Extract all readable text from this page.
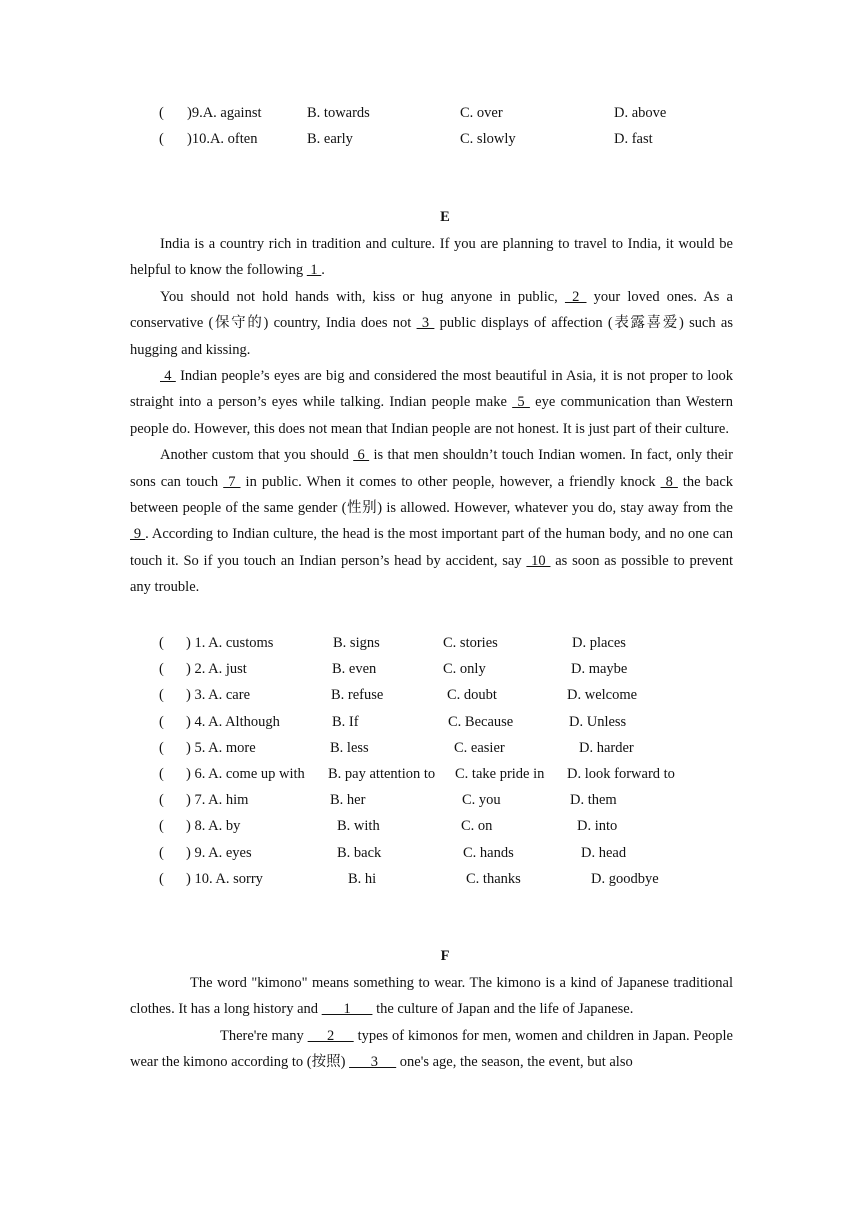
( )9.A. against	B. towards	C. over	D. above
( )10.A. often	B. early	C. slowly	D. fast
E

India is a country rich in tradition and culture. If you are planning to travel to India, it would be helpful to know the following  1 .

You should not hold hands with, kiss or hug anyone in public,  2  your loved ones. As a conservative (保守的) country, India does not  3  public displays of affection (表露喜爱) such as hugging and kissing.

4  Indian people’s eyes are big and considered the most beautiful in Asia, it is not proper to look straight into a person’s eyes while talking. Indian people make  5  eye communication than Western people do. However, this does not mean that Indian people are not honest. It is just part of their culture.

Another custom that you should  6  is that men shouldn’t touch Indian women. In fact, only their sons can touch  7  in public. When it comes to other people, however, a friendly knock  8  the back between people of the same gender (性别) is allowed. However, whatever you do, stay away from the  9 . According to Indian culture, the head is the most important part of the human body, and no one can touch it. So if you touch an Indian person’s head by accident, say  10  as soon as possible to prevent any trouble.

( ) 1. A. customs	B. signs	C. stories	D. places
( ) 2. A. just	B. even	C. only	D. maybe
( ) 3. A. care	B. refuse	C. doubt	D. welcome
( ) 4. A. Although	B. If	C. Because	D. Unless
( ) 5. A. more	B. less	C. easier	D. harder
( ) 6. A. come up with B. pay attention to C. take pride in D. look forward to
( ) 7. A. him	B. her	C. you	D. them
( ) 8. A. by	B. with	C. on	D. into
( ) 9. A. eyes	B. back	C. hands	D. head
( ) 10. A. sorry	B. hi	C. thanks	D. goodbye
F

The word "kimono" means something to wear. The kimono is a kind of Japanese traditional clothes. It has a long history and       1       the culture of Japan and the life of Japanese.

There're many      2      types of kimonos for men, women and children in Japan. People wear the kimono according to (按照)       3      one's age, the season, the event, but also
